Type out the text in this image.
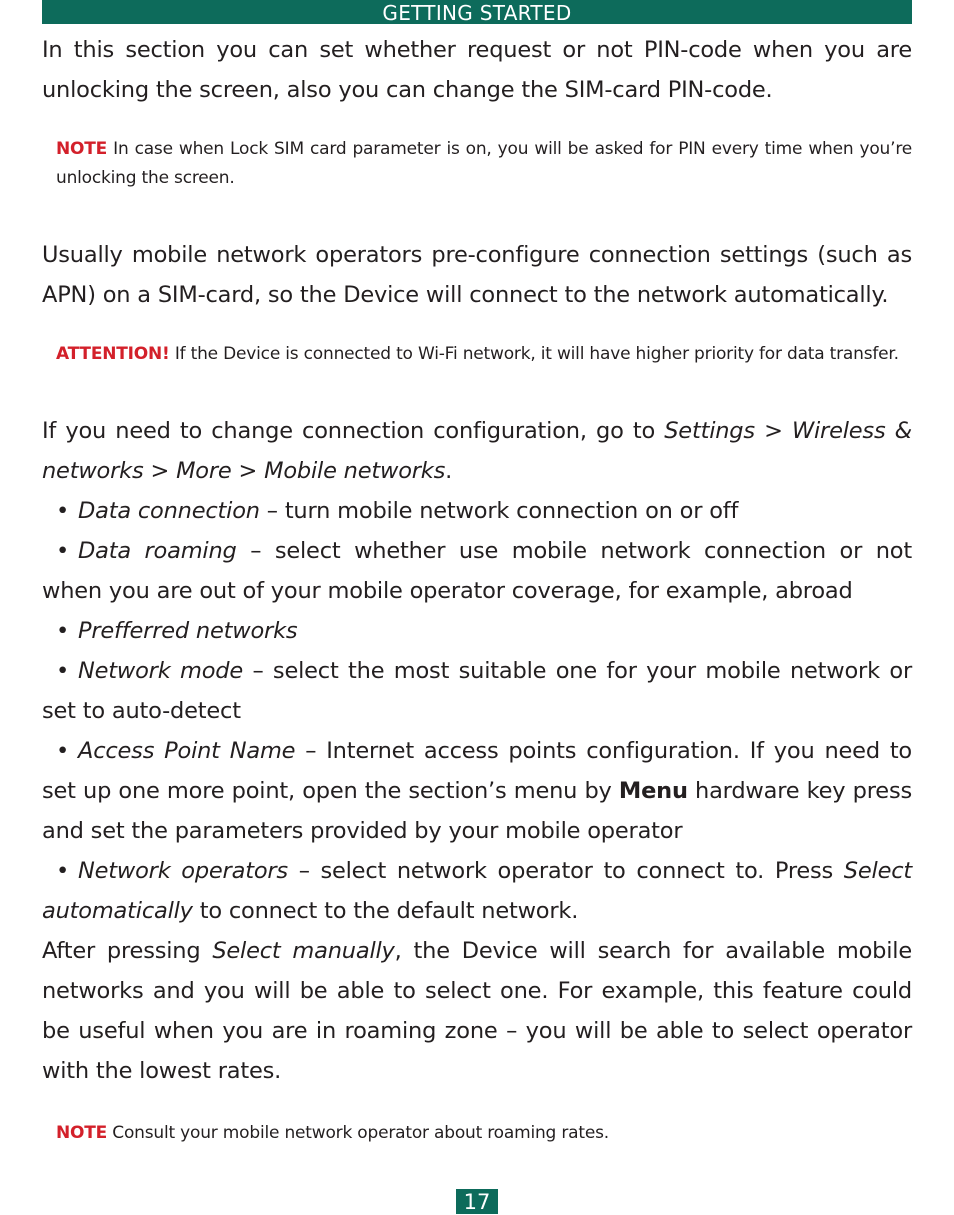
GETTING STARTED

In this section you can set whether request or not PIN-code when you are unlocking the screen, also you can change the SIM-card PIN-code.

NOTE In case when Lock SIM card parameter is on, you will be asked for PIN every time when you’re unlocking the screen.

Usually mobile network operators pre-configure connection settings (such as APN) on a SIM-card, so the Device will connect to the network automatically.

ATTENTION! If the Device is connected to Wi-Fi network, it will have higher priority for data transfer.

If you need to change connection configuration, go to Settings > Wireless & networks > More > Mobile networks.

• Data connection – turn mobile network connection on or off

• Data roaming – select whether use mobile network connection or not when you are out of your mobile operator coverage, for example, abroad

• Prefferred networks

• Network mode – select the most suitable one for your mobile network or set to auto-detect

• Access Point Name – Internet access points configuration. If you need to set up one more point, open the section’s menu by Menu hardware key press and set the parameters provided by your mobile operator

• Network operators – select network operator to connect to. Press Select automatically to connect to the default network.

After pressing Select manually, the Device will search for available mobile networks and you will be able to select one. For example, this feature could be useful when you are in roaming zone – you will be able to select operator with the lowest rates.

NOTE Consult your mobile network operator about roaming rates.

17
